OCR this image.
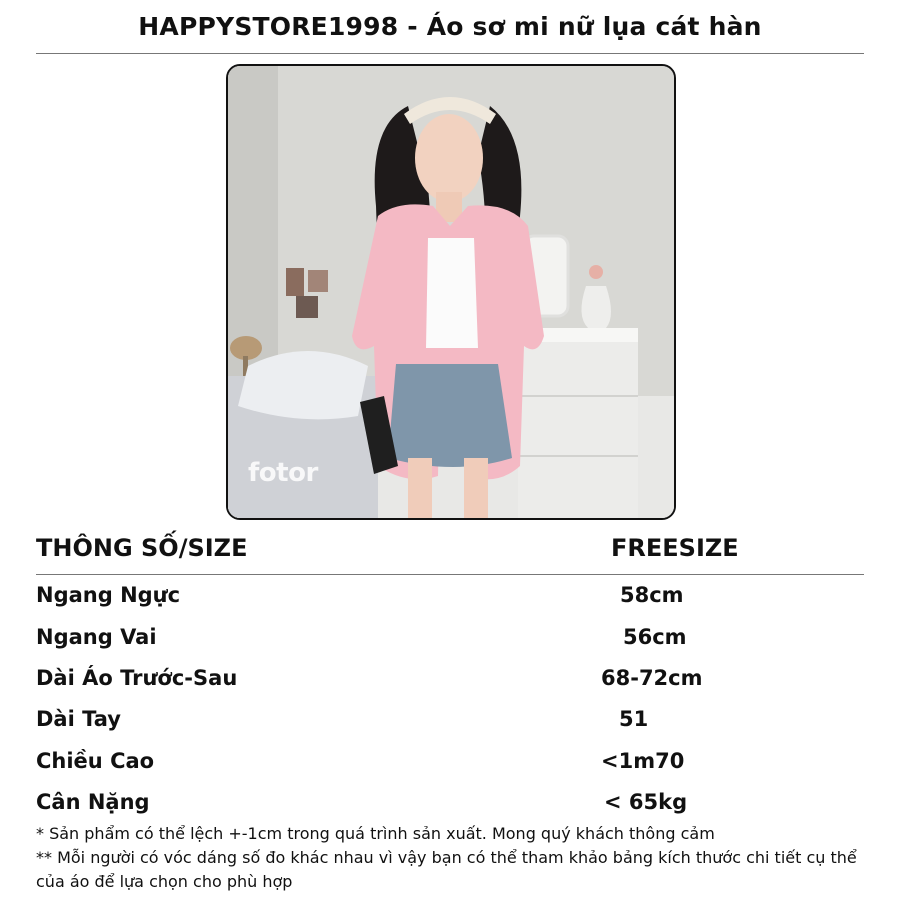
HAPPYSTORE1998 - Áo sơ mi nữ lụa cát hàn
fotor
THÔNG SỐ/SIZE	FREESIZE
Ngang Ngực	58cm
Ngang Vai	56cm
Dài Áo Trước-Sau	68-72cm
Dài Tay	51
Chiều Cao	<1m70
Cân Nặng	< 65kg
* Sản phẩm có thể lệch +-1cm trong quá trình sản xuất. Mong quý khách thông cảm
** Mỗi người có vóc dáng số đo khác nhau vì vậy bạn có thể tham khảo bảng kích thước chi tiết cụ thể của áo để lựa chọn cho phù hợp
